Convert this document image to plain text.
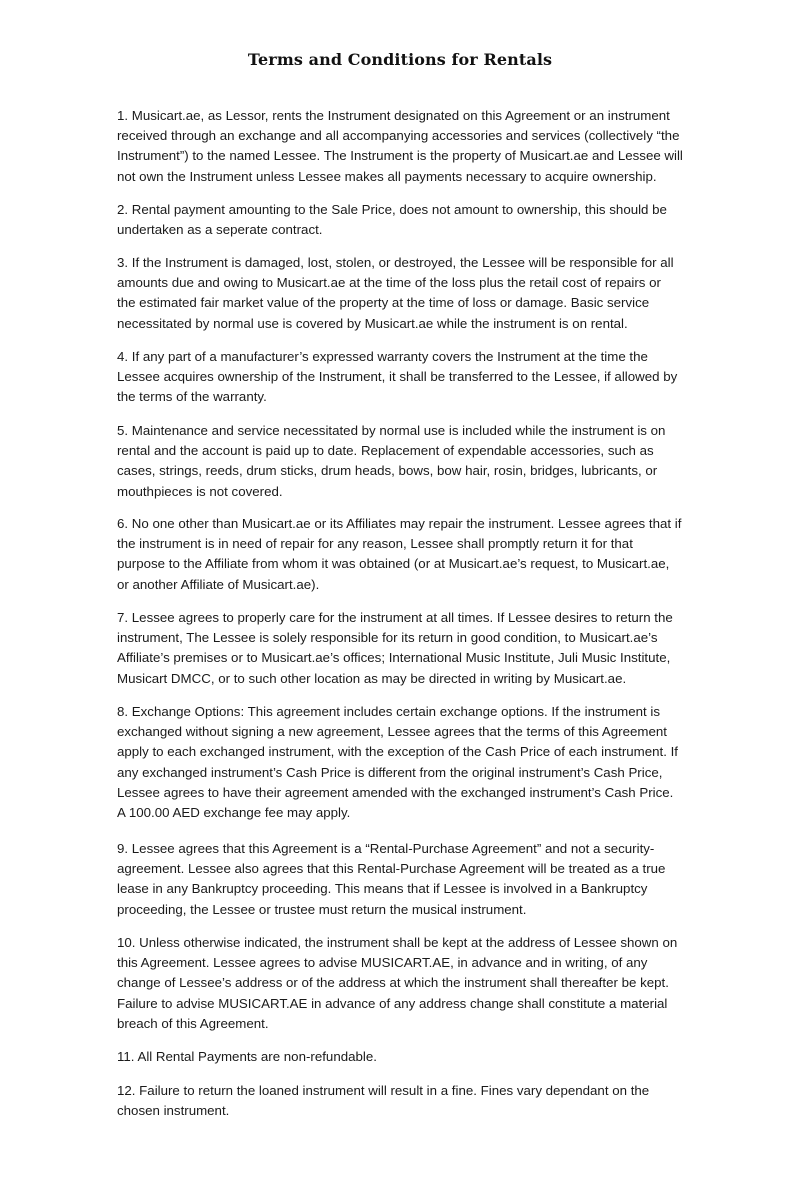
Terms and Conditions for Rentals

1. Musicart.ae, as Lessor, rents the Instrument designated on this Agreement or an instrument received through an exchange and all accompanying accessories and services (collectively “the Instrument”) to the named Lessee. The Instrument is the property of Musicart.ae and Lessee will not own the Instrument unless Lessee makes all payments necessary to acquire ownership.

2. Rental payment amounting to the Sale Price, does not amount to ownership, this should be undertaken as a seperate contract.

3. If the Instrument is damaged, lost, stolen, or destroyed, the Lessee will be responsible for all amounts due and owing to Musicart.ae at the time of the loss plus the retail cost of repairs or the estimated fair market value of the property at the time of loss or damage. Basic service necessitated by normal use is covered by Musicart.ae while the instrument is on rental.

4. If any part of a manufacturer’s expressed warranty covers the Instrument at the time the Lessee acquires ownership of the Instrument, it shall be transferred to the Lessee, if allowed by the terms of the warranty.

5. Maintenance and service necessitated by normal use is included while the instrument is on rental and the account is paid up to date. Replacement of expendable accessories, such as cases, strings, reeds, drum sticks, drum heads, bows, bow hair, rosin, bridges, lubricants, or mouthpieces is not covered.

6. No one other than Musicart.ae or its Affiliates may repair the instrument. Lessee agrees that if the instrument is in need of repair for any reason, Lessee shall promptly return it for that purpose to the Affiliate from whom it was obtained (or at Musicart.ae’s request, to Musicart.ae, or another Affiliate of Musicart.ae).

7. Lessee agrees to properly care for the instrument at all times. If Lessee desires to return the instrument, The Lessee is solely responsible for its return in good condition, to Musicart.ae’s Affiliate’s premises or to Musicart.ae’s offices; International Music Institute, Juli Music Institute, Musicart DMCC, or to such other location as may be directed in writing by Musicart.ae.

8. Exchange Options: This agreement includes certain exchange options. If the instrument is exchanged without signing a new agreement, Lessee agrees that the terms of this Agreement apply to each exchanged instrument, with the exception of the Cash Price of each instrument. If any exchanged instrument’s Cash Price is different from the original instrument’s Cash Price, Lessee agrees to have their agreement amended with the exchanged instrument’s Cash Price. A 100.00 AED exchange fee may apply.

9. Lessee agrees that this Agreement is a “Rental-Purchase Agreement” and not a security-agreement. Lessee also agrees that this Rental-Purchase Agreement will be treated as a true lease in any Bankruptcy proceeding. This means that if Lessee is involved in a Bankruptcy proceeding, the Lessee or trustee must return the musical instrument.

10. Unless otherwise indicated, the instrument shall be kept at the address of Lessee shown on this Agreement. Lessee agrees to advise MUSICART.AE, in advance and in writing, of any change of Lessee’s address or of the address at which the instrument shall thereafter be kept. Failure to advise MUSICART.AE in advance of any address change shall constitute a material breach of this Agreement.

11. All Rental Payments are non-refundable.

12. Failure to return the loaned instrument will result in a fine. Fines vary dependant on the chosen instrument.
